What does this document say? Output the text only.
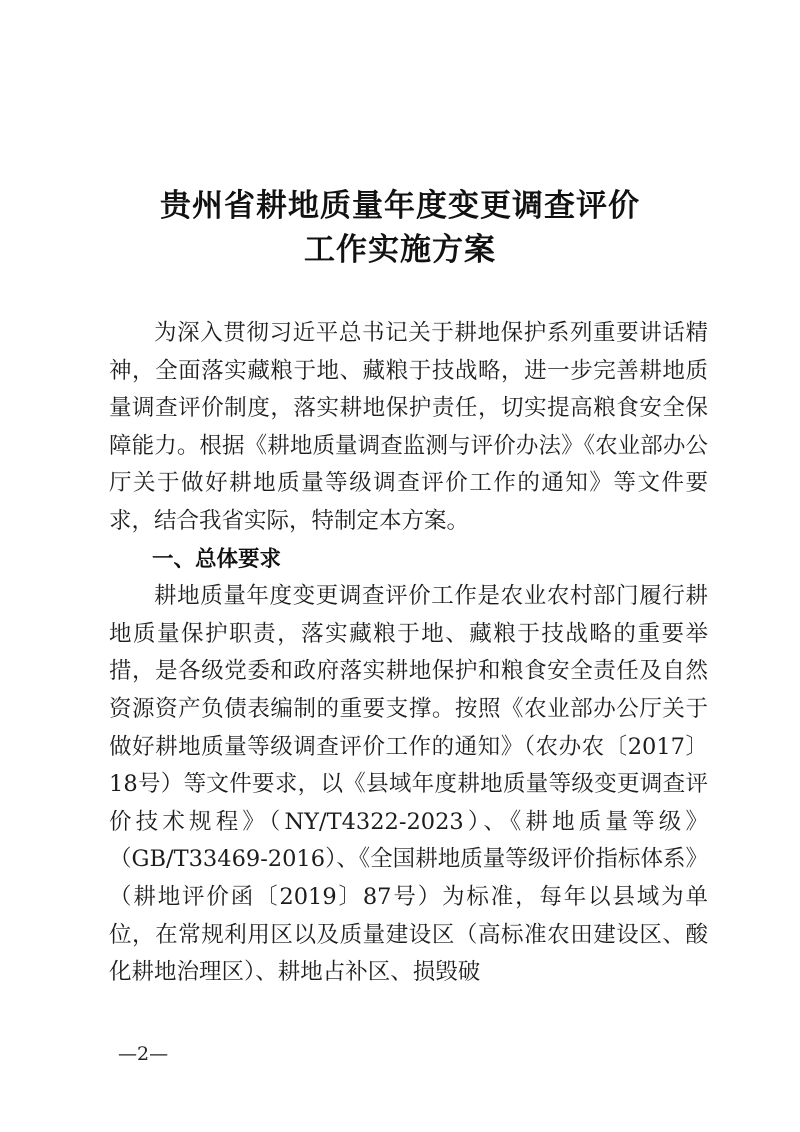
贵州省耕地质量年度变更调查评价
工作实施方案

为深入贯彻习近平总书记关于耕地保护系列重要讲话精神，全面落实藏粮于地、藏粮于技战略，进一步完善耕地质量调查评价制度，落实耕地保护责任，切实提高粮食安全保障能力。根据《耕地质量调查监测与评价办法》《农业部办公厅关于做好耕地质量等级调查评价工作的通知》等文件要求，结合我省实际，特制定本方案。

一、总体要求

耕地质量年度变更调查评价工作是农业农村部门履行耕地质量保护职责，落实藏粮于地、藏粮于技战略的重要举措，是各级党委和政府落实耕地保护和粮食安全责任及自然资源资产负债表编制的重要支撑。按照《农业部办公厅关于做好耕地质量等级调查评价工作的通知》（农办农〔2017〕18号）等文件要求，以《县域年度耕地质量等级变更调查评价技术规程》（NY/T4322-2023）、《耕地质量等级》（GB/T33469-2016）、《全国耕地质量等级评价指标体系》（耕地评价函〔2019〕87号）为标准，每年以县域为单位，在常规利用区以及质量建设区（高标准农田建设区、酸化耕地治理区）、耕地占补区、损毁破

—2—
